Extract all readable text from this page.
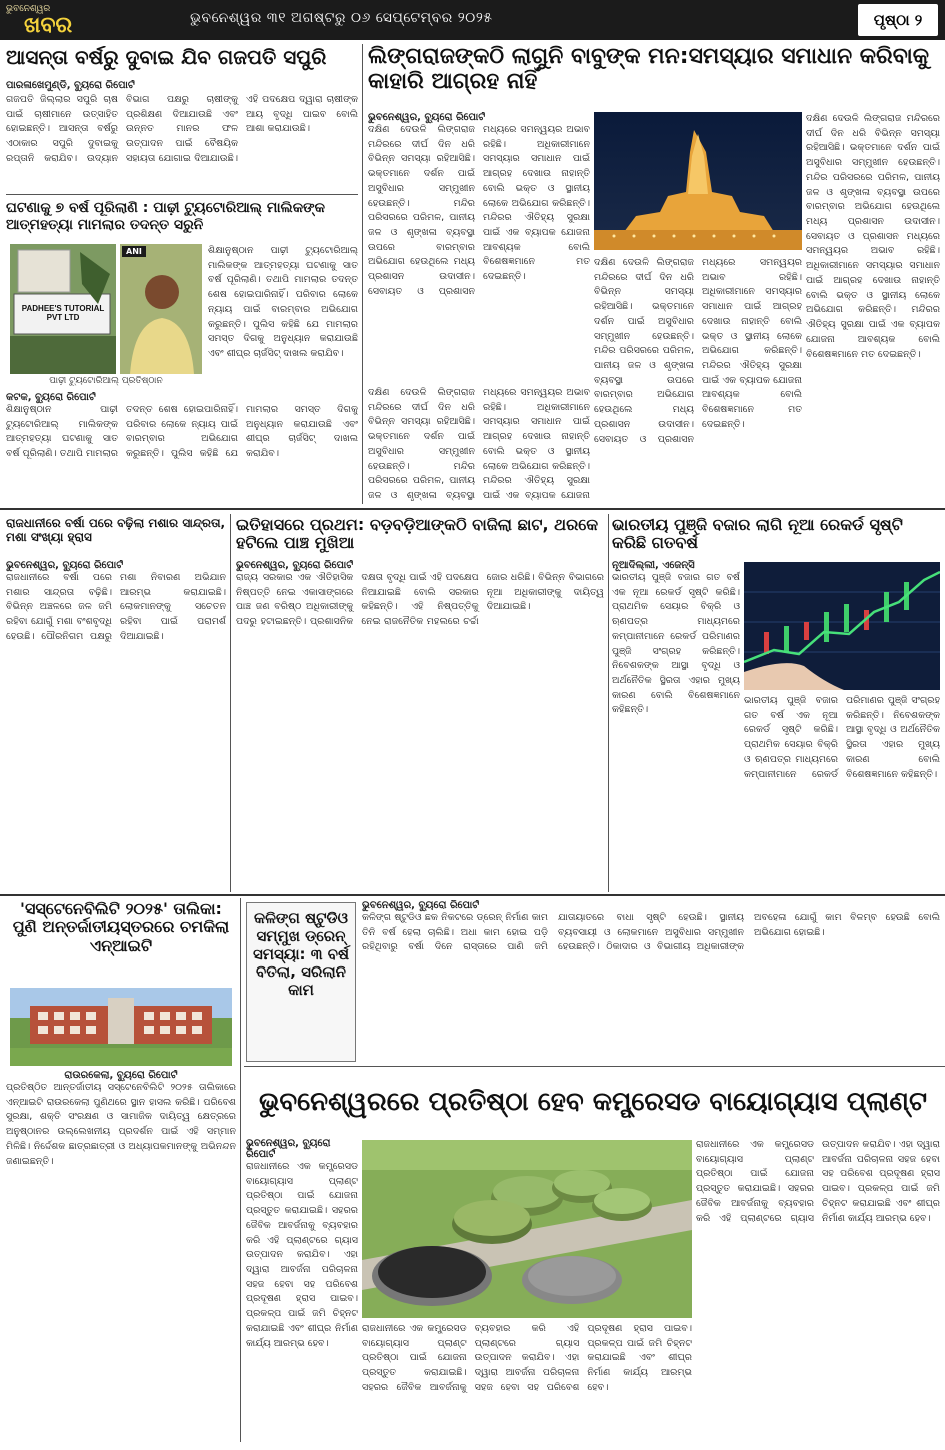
ଭୁବନେଶ୍ୱର
ଖବର	ଭୁବନେଶ୍ୱର ୩୧ ଅଗଷ୍ଟରୁ ୦୬ ସେପ୍ଟେମ୍ବର ୨୦୨୫	ପୃଷ୍ଠା ୨
ଆସନ୍ତା ବର୍ଷରୁ ଦୁବାଇ ଯିବ ଗଜପତି ସପୁରି
ପାରଳାଖେମୁଣ୍ଡି, ବ୍ୟୁରୋ ରିପୋର୍ଟ
ଗଜପତି ଜିଲ୍ଲାର ସପୁରି ଚାଷ ପାଇଁ ଚାଷୀମାନେ ଉତ୍ସାହିତ ହୋଇଛନ୍ତି। ଆସନ୍ତା ବର୍ଷରୁ ଏଠାକାର ସପୁରି ଦୁବାଇକୁ ରପ୍ତାନି କରାଯିବ। ଉଦ୍ୟାନ ବିଭାଗ ପକ୍ଷରୁ ଚାଷୀଙ୍କୁ ପ୍ରଶିକ୍ଷଣ ଦିଆଯାଉଛି ଏବଂ ଉନ୍ନତ ମାନର ଫଳ ଉତ୍ପାଦନ ପାଇଁ ବୈଷୟିକ ସହାୟତା ଯୋଗାଇ ଦିଆଯାଉଛି। ଏହି ପଦକ୍ଷେପ ଦ୍ୱାରା ଚାଷୀଙ୍କ ଆୟ ବୃଦ୍ଧି ପାଇବ ବୋଲି ଆଶା କରାଯାଉଛି।
ଘଟଣାକୁ ୭ ବର୍ଷ ପୂରିଲାଣି : ପାଢ଼ୀ ଟ୍ୟୁଟୋରିଆଲ୍ ମାଲିକଙ୍କ ଆତ୍ମହତ୍ୟା ମାମଲାର ତଦନ୍ତ ସରୁନି
PADHEE'S TUTORIAL PVT LTD
ANI
ପାଢ଼ୀ ଟ୍ୟୁଟୋରିଆଲ୍ ପ୍ରତିଷ୍ଠାନ
ଶିକ୍ଷାନୁଷ୍ଠାନ ପାଢ଼ୀ ଟ୍ୟୁଟୋରିଆଲ୍ ମାଲିକଙ୍କ ଆତ୍ମହତ୍ୟା ଘଟଣାକୁ ସାତ ବର୍ଷ ପୂରିଲାଣି। ତଥାପି ମାମଲାର ତଦନ୍ତ ଶେଷ ହୋଇପାରିନାହିଁ। ପରିବାର ଲୋକେ ନ୍ୟାୟ ପାଇଁ ବାରମ୍ବାର ଅଭିଯୋଗ କରୁଛନ୍ତି। ପୁଲିସ କହିଛି ଯେ ମାମଲାର ସମସ୍ତ ଦିଗକୁ ଅନୁଧ୍ୟାନ କରାଯାଉଛି ଏବଂ ଶୀଘ୍ର ଚାର୍ଜସିଟ୍ ଦାଖଲ କରାଯିବ।
କଟକ, ବ୍ୟୁରୋ ରିପୋର୍ଟ
ଶିକ୍ଷାନୁଷ୍ଠାନ ପାଢ଼ୀ ଟ୍ୟୁଟୋରିଆଲ୍ ମାଲିକଙ୍କ ଆତ୍ମହତ୍ୟା ଘଟଣାକୁ ସାତ ବର୍ଷ ପୂରିଲାଣି। ତଥାପି ମାମଲାର ତଦନ୍ତ ଶେଷ ହୋଇପାରିନାହିଁ। ପରିବାର ଲୋକେ ନ୍ୟାୟ ପାଇଁ ବାରମ୍ବାର ଅଭିଯୋଗ କରୁଛନ୍ତି। ପୁଲିସ କହିଛି ଯେ ମାମଲାର ସମସ୍ତ ଦିଗକୁ ଅନୁଧ୍ୟାନ କରାଯାଉଛି ଏବଂ ଶୀଘ୍ର ଚାର୍ଜସିଟ୍ ଦାଖଲ କରାଯିବ।
ଲିଙ୍ଗରାଜଙ୍କଠି ଲାଗୁନି ବାବୁଙ୍କ ମନ:ସମସ୍ୟାର ସମାଧାନ କରିବାକୁ କାହାରି ଆଗ୍ରହ ନାହିଁ
ଭୁବନେଶ୍ୱର, ବ୍ୟୁରୋ ରିପୋର୍ଟ
ଦକ୍ଷିଣ ଦେଉଳି ଲିଙ୍ଗରାଜ ମନ୍ଦିରରେ ଦୀର୍ଘ ଦିନ ଧରି ବିଭିନ୍ନ ସମସ୍ୟା ରହିଆସିଛି। ଭକ୍ତମାନେ ଦର୍ଶନ ପାଇଁ ଅସୁବିଧାର ସମ୍ମୁଖୀନ ହେଉଛନ୍ତି। ମନ୍ଦିର ପରିସରରେ ପରିମଳ, ପାନୀୟ ଜଳ ଓ ଶୃଙ୍ଖଳା ବ୍ୟବସ୍ଥା ଉପରେ ବାରମ୍ବାର ଅଭିଯୋଗ ହେଉଥିଲେ ମଧ୍ୟ ପ୍ରଶାସନ ଉଦାସୀନ। ସେବାୟତ ଓ ପ୍ରଶାସନ ମଧ୍ୟରେ ସମନ୍ୱୟର ଅଭାବ ରହିଛି। ଅଧିକାରୀମାନେ ସମସ୍ୟାର ସମାଧାନ ପାଇଁ ଆଗ୍ରହ ଦେଖାଉ ନାହାନ୍ତି ବୋଲି ଭକ୍ତ ଓ ସ୍ଥାନୀୟ ଲୋକେ ଅଭିଯୋଗ କରିଛନ୍ତି। ମନ୍ଦିରର ଐତିହ୍ୟ ସୁରକ୍ଷା ପାଇଁ ଏକ ବ୍ୟାପକ ଯୋଜନା ଆବଶ୍ୟକ ବୋଲି ବିଶେଷଜ୍ଞମାନେ ମତ ଦେଇଛନ୍ତି।
ଦକ୍ଷିଣ ଦେଉଳି ଲିଙ୍ଗରାଜ ମନ୍ଦିରରେ ଦୀର୍ଘ ଦିନ ଧରି ବିଭିନ୍ନ ସମସ୍ୟା ରହିଆସିଛି। ଭକ୍ତମାନେ ଦର୍ଶନ ପାଇଁ ଅସୁବିଧାର ସମ୍ମୁଖୀନ ହେଉଛନ୍ତି। ମନ୍ଦିର ପରିସରରେ ପରିମଳ, ପାନୀୟ ଜଳ ଓ ଶୃଙ୍ଖଳା ବ୍ୟବସ୍ଥା ଉପରେ ବାରମ୍ବାର ଅଭିଯୋଗ ହେଉଥିଲେ ମଧ୍ୟ ପ୍ରଶାସନ ଉଦାସୀନ। ସେବାୟତ ଓ ପ୍ରଶାସନ ମଧ୍ୟରେ ସମନ୍ୱୟର ଅଭାବ ରହିଛି। ଅଧିକାରୀମାନେ ସମସ୍ୟାର ସମାଧାନ ପାଇଁ ଆଗ୍ରହ ଦେଖାଉ ନାହାନ୍ତି ବୋଲି ଭକ୍ତ ଓ ସ୍ଥାନୀୟ ଲୋକେ ଅଭିଯୋଗ କରିଛନ୍ତି। ମନ୍ଦିରର ଐତିହ୍ୟ ସୁରକ୍ଷା ପାଇଁ ଏକ ବ୍ୟାପକ ଯୋଜନା ଆବଶ୍ୟକ ବୋଲି ବିଶେଷଜ୍ଞମାନେ ମତ ଦେଇଛନ୍ତି।
ଦକ୍ଷିଣ ଦେଉଳି ଲିଙ୍ଗରାଜ ମନ୍ଦିରରେ ଦୀର୍ଘ ଦିନ ଧରି ବିଭିନ୍ନ ସମସ୍ୟା ରହିଆସିଛି। ଭକ୍ତମାନେ ଦର୍ଶନ ପାଇଁ ଅସୁବିଧାର ସମ୍ମୁଖୀନ ହେଉଛନ୍ତି। ମନ୍ଦିର ପରିସରରେ ପରିମଳ, ପାନୀୟ ଜଳ ଓ ଶୃଙ୍ଖଳା ବ୍ୟବସ୍ଥା ଉପରେ ବାରମ୍ବାର ଅଭିଯୋଗ ହେଉଥିଲେ ମଧ୍ୟ ପ୍ରଶାସନ ଉଦାସୀନ। ସେବାୟତ ଓ ପ୍ରଶାସନ ମଧ୍ୟରେ ସମନ୍ୱୟର ଅଭାବ ରହିଛି। ଅଧିକାରୀମାନେ ସମସ୍ୟାର ସମାଧାନ ପାଇଁ ଆଗ୍ରହ ଦେଖାଉ ନାହାନ୍ତି ବୋଲି ଭକ୍ତ ଓ ସ୍ଥାନୀୟ ଲୋକେ ଅଭିଯୋଗ କରିଛନ୍ତି। ମନ୍ଦିରର ଐତିହ୍ୟ ସୁରକ୍ଷା ପାଇଁ ଏକ ବ୍ୟାପକ ଯୋଜନା ଆବଶ୍ୟକ ବୋଲି ବିଶେଷଜ୍ଞମାନେ ମତ ଦେଇଛନ୍ତି।
ଦକ୍ଷିଣ ଦେଉଳି ଲିଙ୍ଗରାଜ ମନ୍ଦିରରେ ଦୀର୍ଘ ଦିନ ଧରି ବିଭିନ୍ନ ସମସ୍ୟା ରହିଆସିଛି। ଭକ୍ତମାନେ ଦର୍ଶନ ପାଇଁ ଅସୁବିଧାର ସମ୍ମୁଖୀନ ହେଉଛନ୍ତି। ମନ୍ଦିର ପରିସରରେ ପରିମଳ, ପାନୀୟ ଜଳ ଓ ଶୃଙ୍ଖଳା ବ୍ୟବସ୍ଥା ମଧ୍ୟରେ ସମନ୍ୱୟର ଅଭାବ ରହିଛି। ଅଧିକାରୀମାନେ ସମସ୍ୟାର ସମାଧାନ ପାଇଁ ଆଗ୍ରହ ଦେଖାଉ ନାହାନ୍ତି ବୋଲି ଭକ୍ତ ଓ ସ୍ଥାନୀୟ ଲୋକେ ଅଭିଯୋଗ କରିଛନ୍ତି। ମନ୍ଦିରର ଐତିହ୍ୟ ସୁରକ୍ଷା ପାଇଁ ଏକ ବ୍ୟାପକ ଯୋଜନା
ରାଜଧାନୀରେ ବର୍ଷା ପରେ ବଢ଼ିଲା ମଶାର ସାନ୍ଦ୍ରତା, ମଶା ସଂଖ୍ୟା ହ୍ରାସ
ଭୁବନେଶ୍ୱର, ବ୍ୟୁରୋ ରିପୋର୍ଟ
ରାଜଧାନୀରେ ବର୍ଷା ପରେ ମଶାର ସାନ୍ଦ୍ରତା ବଢ଼ିଛି। ବିଭିନ୍ନ ଅଞ୍ଚଳରେ ଜଳ ଜମି ରହିବା ଯୋଗୁଁ ମଶା ବଂଶବୃଦ୍ଧି ହେଉଛି। ପୌରନିଗମ ପକ୍ଷରୁ ମଶା ନିବାରଣ ଅଭିଯାନ ଆରମ୍ଭ କରାଯାଇଛି। ଲୋକମାନଙ୍କୁ ସଚେତନ ରହିବା ପାଇଁ ପରାମର୍ଶ ଦିଆଯାଇଛି।
ଇତିହାସରେ ପ୍ରଥମ: ବଡ଼ବଡ଼ିଆଙ୍କଠି ବାଜିଲା ଛାଟ, ଥରକେ ହଟିଲେ ପାଞ୍ଚ ମୁଖିଆ
ଭୁବନେଶ୍ୱର, ବ୍ୟୁରୋ ରିପୋର୍ଟ
ରାଜ୍ୟ ସରକାର ଏକ ଐତିହାସିକ ନିଷ୍ପତ୍ତି ନେଇ ଏକାସାଙ୍ଗରେ ପାଞ୍ଚ ଜଣ ବରିଷ୍ଠ ଅଧିକାରୀଙ୍କୁ ପଦରୁ ହଟାଇଛନ୍ତି। ପ୍ରଶାସନିକ ଦକ୍ଷତା ବୃଦ୍ଧି ପାଇଁ ଏହି ପଦକ୍ଷେପ ନିଆଯାଇଛି ବୋଲି ସରକାର କହିଛନ୍ତି। ଏହି ନିଷ୍ପତ୍ତିକୁ ନେଇ ରାଜନୈତିକ ମହଲରେ ଚର୍ଚ୍ଚା ଜୋର ଧରିଛି। ବିଭିନ୍ନ ବିଭାଗରେ ନୂଆ ଅଧିକାରୀଙ୍କୁ ଦାୟିତ୍ୱ ଦିଆଯାଇଛି।
ଭାରତୀୟ ପୁଞ୍ଜି ବଜାର ଲାଗି ନୂଆ ରେକର୍ଡ ସୃଷ୍ଟି କରିଛି ଗତବର୍ଷ
ନୂଆଦିଲ୍ଲୀ, ଏଜେନ୍ସି
ଭାରତୀୟ ପୁଞ୍ଜି ବଜାର ଗତ ବର୍ଷ ଏକ ନୂଆ ରେକର୍ଡ ସୃଷ୍ଟି କରିଛି। ପ୍ରାଥମିକ ସେୟାର ବିକ୍ରି ଓ ଋଣପତ୍ର ମାଧ୍ୟମରେ କମ୍ପାନୀମାନେ ରେକର୍ଡ ପରିମାଣର ପୁଞ୍ଜି ସଂଗ୍ରହ କରିଛନ୍ତି। ନିବେଶକଙ୍କ ଆସ୍ଥା ବୃଦ୍ଧି ଓ ଅର୍ଥନୈତିକ ସ୍ଥିରତା ଏହାର ମୁଖ୍ୟ କାରଣ ବୋଲି ବିଶେଷଜ୍ଞମାନେ କହିଛନ୍ତି।
ଭାରତୀୟ ପୁଞ୍ଜି ବଜାର ଗତ ବର୍ଷ ଏକ ନୂଆ ରେକର୍ଡ ସୃଷ୍ଟି କରିଛି। ପ୍ରାଥମିକ ସେୟାର ବିକ୍ରି ଓ ଋଣପତ୍ର ମାଧ୍ୟମରେ କମ୍ପାନୀମାନେ ରେକର୍ଡ ପରିମାଣର ପୁଞ୍ଜି ସଂଗ୍ରହ କରିଛନ୍ତି। ନିବେଶକଙ୍କ ଆସ୍ଥା ବୃଦ୍ଧି ଓ ଅର୍ଥନୈତିକ ସ୍ଥିରତା ଏହାର ମୁଖ୍ୟ କାରଣ ବୋଲି ବିଶେଷଜ୍ଞମାନେ କହିଛନ୍ତି।
'ସସ୍‌ଟେନେବିଲିଟି ୨୦୨୫' ତାଲିକା: ପୁଣି ଅନ୍ତର୍ଜାତୀୟସ୍ତରରେ ଚମକିଲା ଏନ୍‌ଆଇଟି
ରାଉରକେଲା, ବ୍ୟୁରୋ ରିପୋର୍ଟ
ପ୍ରତିଷ୍ଠିତ ଆନ୍ତର୍ଜାତୀୟ ସସ୍‌ଟେନେବିଲିଟି ୨୦୨୫ ତାଲିକାରେ ଏନ୍‌ଆଇଟି ରାଉରକେଲା ପୁଣିଥରେ ସ୍ଥାନ ହାସଲ କରିଛି। ପରିବେଶ ସୁରକ୍ଷା, ଶକ୍ତି ସଂରକ୍ଷଣ ଓ ସାମାଜିକ ଦାୟିତ୍ୱ କ୍ଷେତ୍ରରେ ଅନୁଷ୍ଠାନର ଉଲ୍ଲେଖନୀୟ ପ୍ରଦର୍ଶନ ପାଇଁ ଏହି ସମ୍ମାନ ମିଳିଛି। ନିର୍ଦ୍ଦେଶକ ଛାତ୍ରଛାତ୍ରୀ ଓ ଅଧ୍ୟାପକମାନଙ୍କୁ ଅଭିନନ୍ଦନ ଜଣାଇଛନ୍ତି।
କଳିଙ୍ଗ ଷ୍ଟୁଡିଓ ସମ୍ମୁଖ ଡ୍ରେନ୍ ସମସ୍ୟା: ୩ ବର୍ଷ ବିତିଲା, ସରିଲାନି କାମ
ଭୁବନେଶ୍ୱର, ବ୍ୟୁରୋ ରିପୋର୍ଟ
କଳିଙ୍ଗ ଷ୍ଟୁଡିଓ ଛକ ନିକଟରେ ଡ୍ରେନ୍ ନିର୍ମାଣ କାମ ତିନି ବର୍ଷ ହେଲା ଚାଲିଛି। ଅଧା କାମ ହୋଇ ପଡ଼ି ରହିଥିବାରୁ ବର୍ଷା ଦିନେ ରାସ୍ତାରେ ପାଣି ଜମି ଯାତାୟାତରେ ବାଧା ସୃଷ୍ଟି ହେଉଛି। ସ୍ଥାନୀୟ ବ୍ୟବସାୟୀ ଓ ଲୋକମାନେ ଅସୁବିଧାର ସମ୍ମୁଖୀନ ହେଉଛନ୍ତି। ଠିକାଦାର ଓ ବିଭାଗୀୟ ଅଧିକାରୀଙ୍କ ଅବହେଳା ଯୋଗୁଁ କାମ ବିଳମ୍ବ ହେଉଛି ବୋଲି ଅଭିଯୋଗ ହୋଇଛି।
ଭୁବନେଶ୍ୱରରେ ପ୍ରତିଷ୍ଠା ହେବ କମ୍ପ୍ରେସଡ ବାୟୋଗ୍ୟାସ ପ୍ଲାଣ୍ଟ
ଭୁବନେଶ୍ୱର, ବ୍ୟୁରୋ ରିପୋର୍ଟ
ରାଜଧାନୀରେ ଏକ କମ୍ପ୍ରେସଡ ବାୟୋଗ୍ୟାସ ପ୍ଲାଣ୍ଟ ପ୍ରତିଷ୍ଠା ପାଇଁ ଯୋଜନା ପ୍ରସ୍ତୁତ କରାଯାଇଛି। ସହରର ଜୈବିକ ଆବର୍ଜନାକୁ ବ୍ୟବହାର କରି ଏହି ପ୍ଲାଣ୍ଟରେ ଗ୍ୟାସ ଉତ୍ପାଦନ କରାଯିବ। ଏହା ଦ୍ୱାରା ଆବର୍ଜନା ପରିଚାଳନା ସହଜ ହେବା ସହ ପରିବେଶ ପ୍ରଦୂଷଣ ହ୍ରାସ ପାଇବ। ପ୍ରକଳ୍ପ ପାଇଁ ଜମି ଚିହ୍ନଟ କରାଯାଇଛି ଏବଂ ଶୀଘ୍ର ନିର୍ମାଣ କାର୍ଯ୍ୟ ଆରମ୍ଭ ହେବ।
ରାଜଧାନୀରେ ଏକ କମ୍ପ୍ରେସଡ ବାୟୋଗ୍ୟାସ ପ୍ଲାଣ୍ଟ ପ୍ରତିଷ୍ଠା ପାଇଁ ଯୋଜନା ପ୍ରସ୍ତୁତ କରାଯାଇଛି। ସହରର ଜୈବିକ ଆବର୍ଜନାକୁ ବ୍ୟବହାର କରି ଏହି ପ୍ଲାଣ୍ଟରେ ଗ୍ୟାସ ଉତ୍ପାଦନ କରାଯିବ। ଏହା ଦ୍ୱାରା ଆବର୍ଜନା ପରିଚାଳନା ସହଜ ହେବା ସହ ପରିବେଶ ପ୍ରଦୂଷଣ ହ୍ରାସ ପାଇବ। ପ୍ରକଳ୍ପ ପାଇଁ ଜମି ଚିହ୍ନଟ କରାଯାଇଛି ଏବଂ ଶୀଘ୍ର ନିର୍ମାଣ କାର୍ଯ୍ୟ ଆରମ୍ଭ ହେବ।
ରାଜଧାନୀରେ ଏକ କମ୍ପ୍ରେସଡ ବାୟୋଗ୍ୟାସ ପ୍ଲାଣ୍ଟ ପ୍ରତିଷ୍ଠା ପାଇଁ ଯୋଜନା ପ୍ରସ୍ତୁତ କରାଯାଇଛି। ସହରର ଜୈବିକ ଆବର୍ଜନାକୁ ବ୍ୟବହାର କରି ଏହି ପ୍ଲାଣ୍ଟରେ ଗ୍ୟାସ ଉତ୍ପାଦନ କରାଯିବ। ଏହା ଦ୍ୱାରା ଆବର୍ଜନା ପରିଚାଳନା ସହଜ ହେବା ସହ ପରିବେଶ ପ୍ରଦୂଷଣ ହ୍ରାସ ପାଇବ। ପ୍ରକଳ୍ପ ପାଇଁ ଜମି ଚିହ୍ନଟ କରାଯାଇଛି ଏବଂ ଶୀଘ୍ର ନିର୍ମାଣ କାର୍ଯ୍ୟ ଆରମ୍ଭ ହେବ।
